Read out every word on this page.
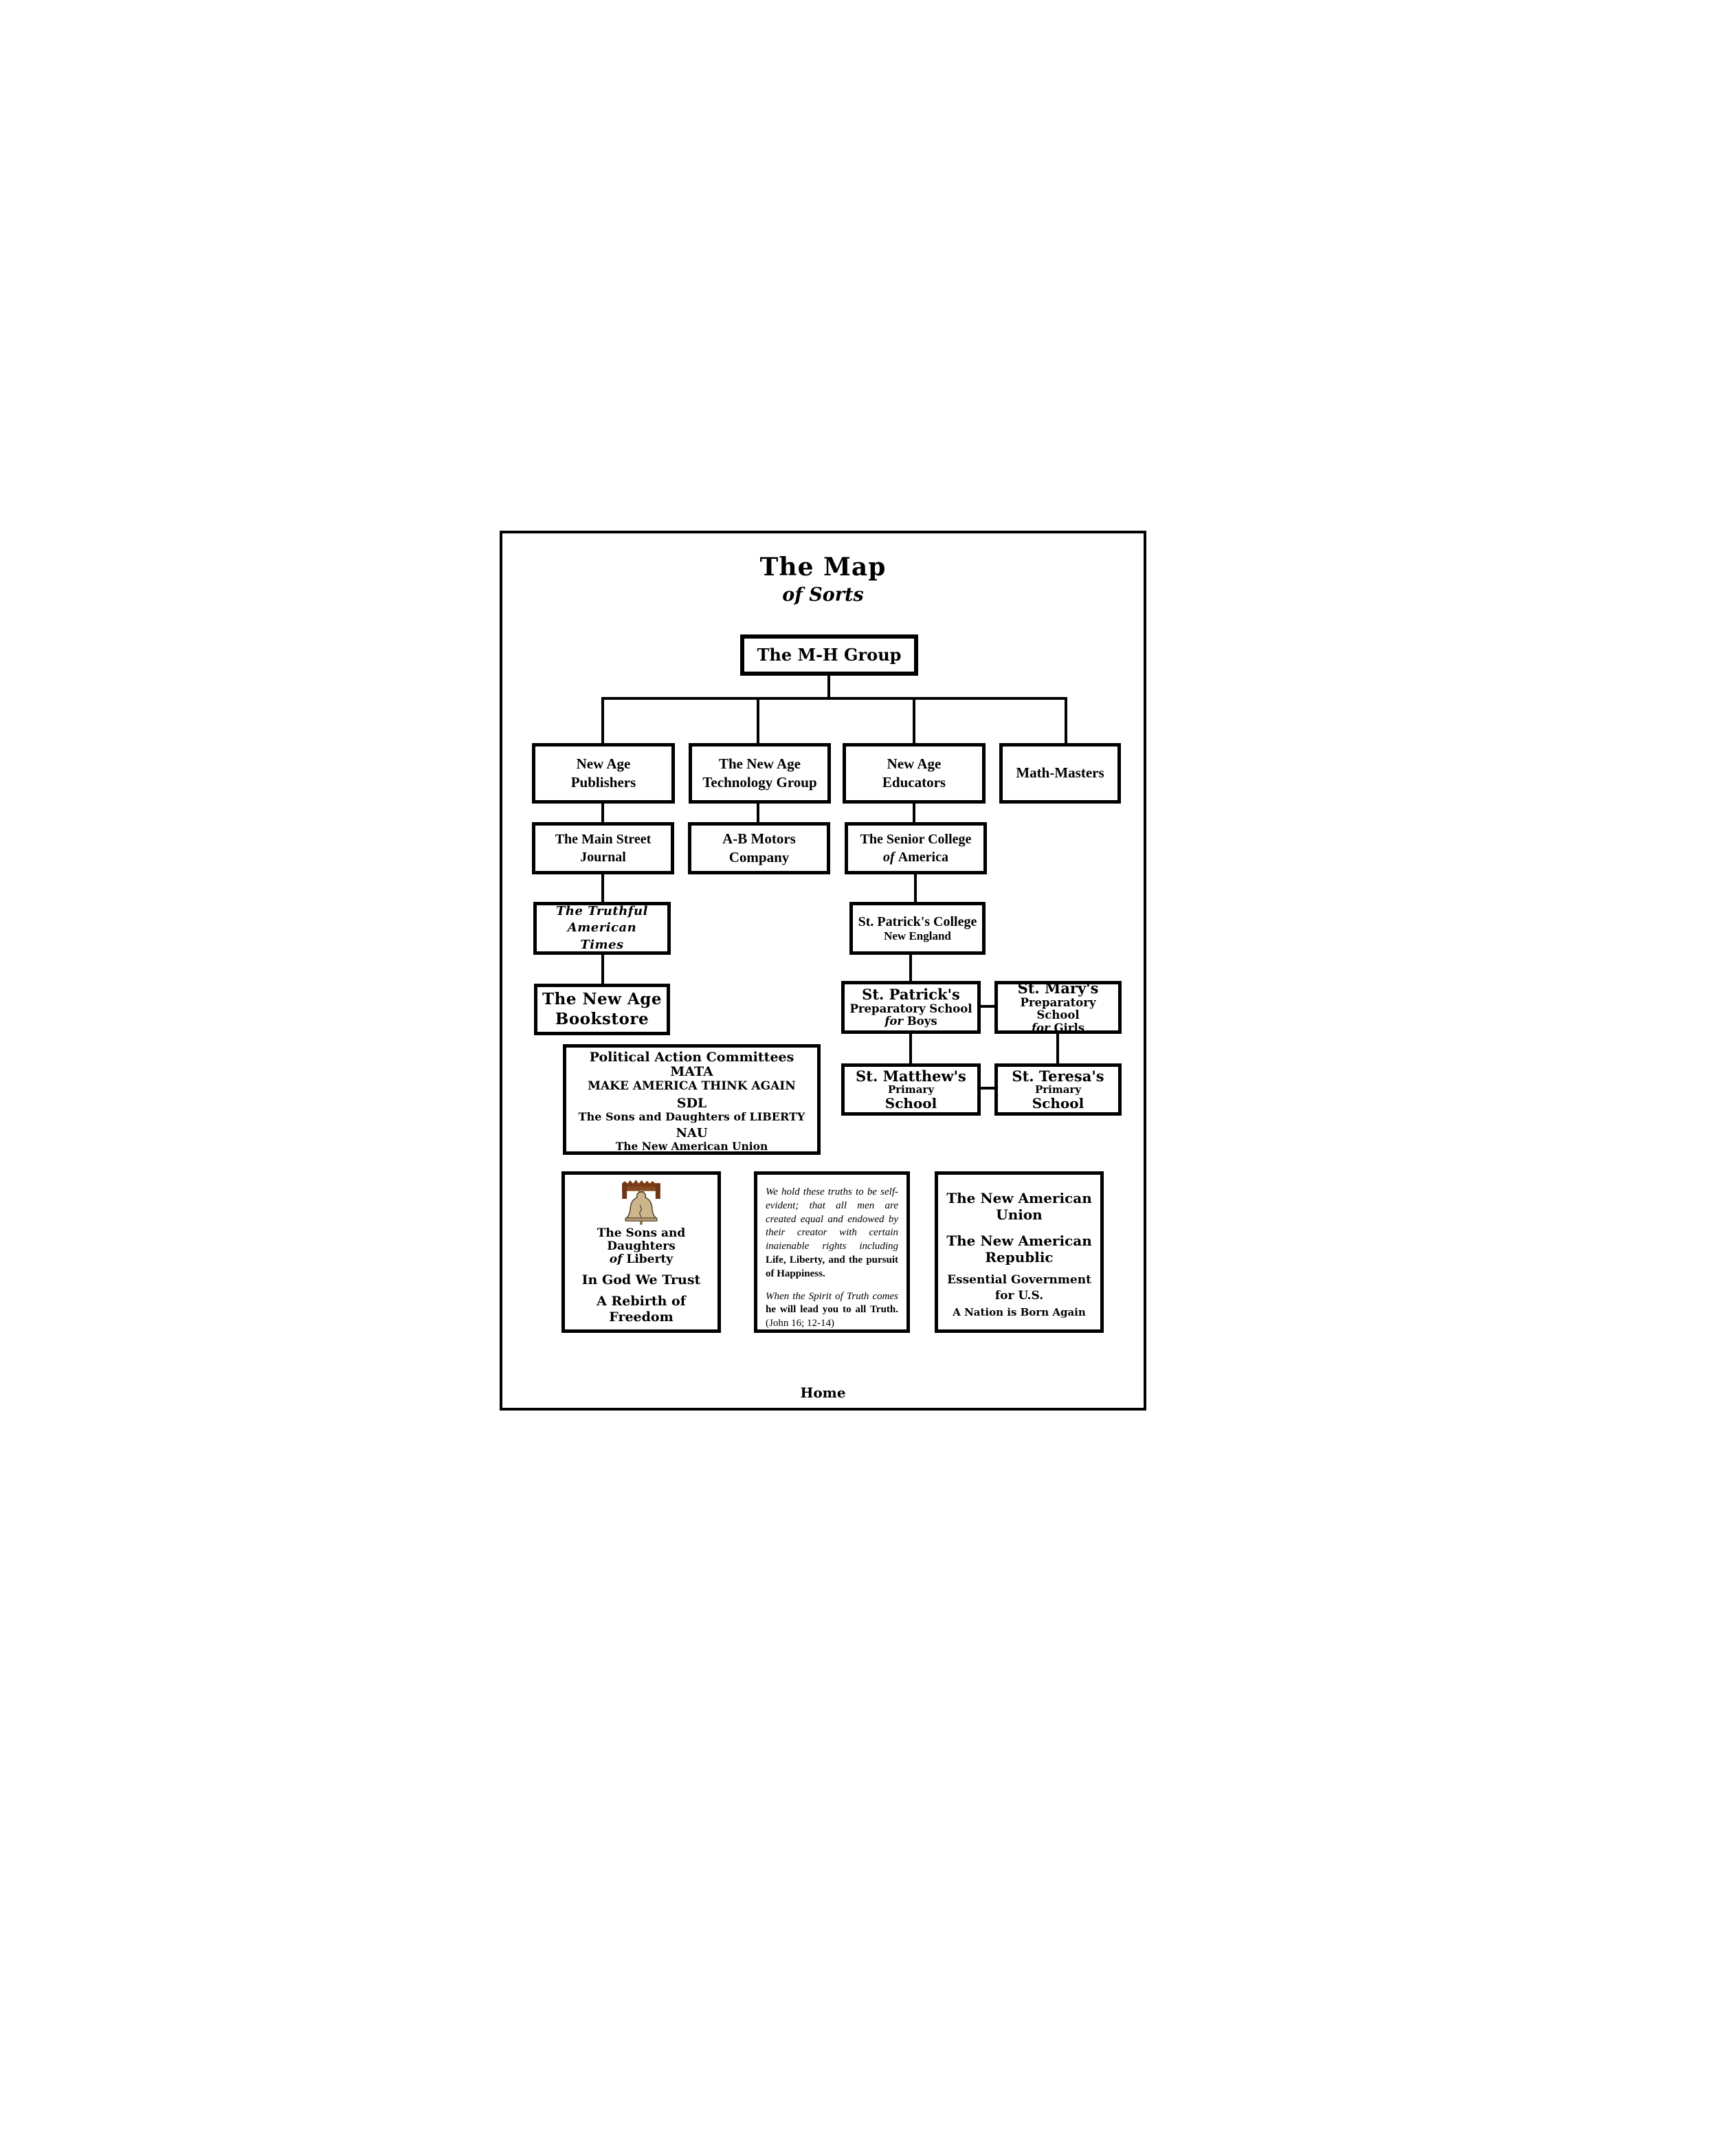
The Map
of Sorts
The M-H Group
New Age
Publishers
The New Age
Technology Group
New Age
Educators
Math-Masters
The Main Street
Journal
A-B Motors
Company
The Senior College
of America
The Truthful American
Times
St. Patrick's College
New England
The New Age
Bookstore
St. Patrick's
Preparatory School
for Boys
St. Mary's
Preparatory School
for Girls
St. Matthew's
Primary
School
St. Teresa's
Primary
School
Political Action Committees
MATA
MAKE AMERICA THINK AGAIN
SDL
The Sons and Daughters of LIBERTY
NAU
The New American Union
The Sons and Daughters
of Liberty
In God We Trust
A Rebirth of Freedom

We hold these truths to be self-evident; that all men are created equal and endowed by their creator with certain inaienable rights including Life, Liberty, and the pursuit of Happiness.

When the Spirit of Truth comes he will lead you to all Truth. (John 16; 12-14)

The New American Union
The New American Republic
Essential Government for U.S.
A Nation is Born Again
Home
